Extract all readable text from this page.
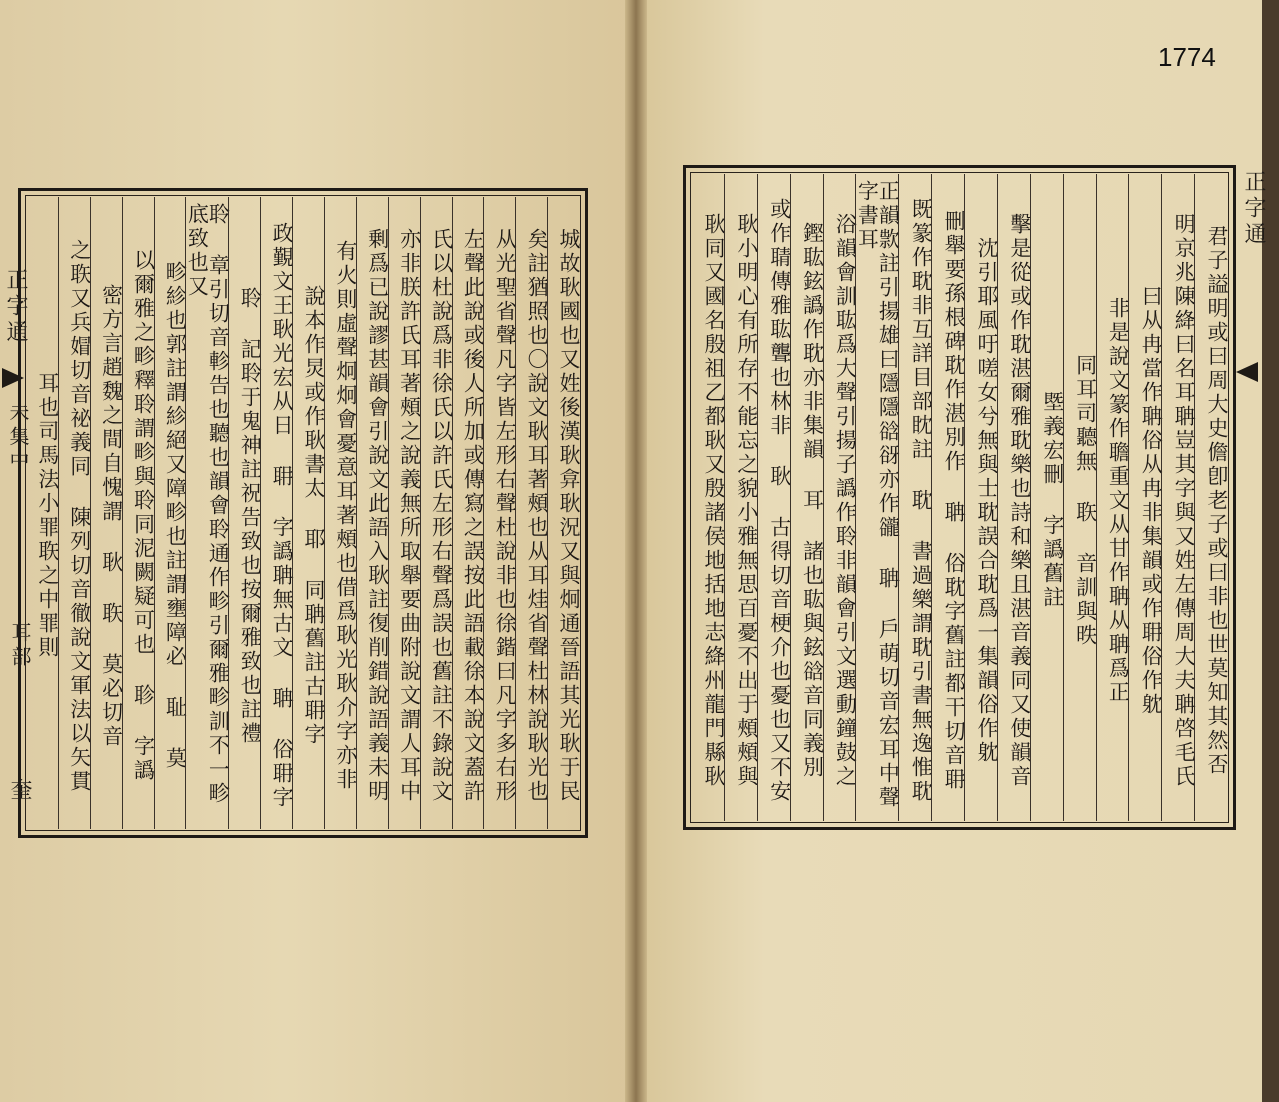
1774
正字通
未集中
耳部
奎	城故耿國也又姓後漢耿弇耿況又與炯通晉語其光耿于民
矣註猶照也〇說文耿耳著頰也从耳烓省聲杜林說耿光也
从光聖省聲凡字皆左形右聲杜說非也徐鍇曰凡字多右形
左聲此說或後人所加或傳寫之誤按此語載徐本說文蓋許
氏以杜說爲非徐氏以許氏左形右聲爲誤也舊註不錄說文
亦非朕許氏耳著頰之說義無所取舉要曲附說文謂人耳中
剰爲已說謬甚韻會引說文此語入耿註復削錯說語義未明
有火則虛聲炯炯會憂意耳著頰也借爲耿光耿介字亦非
說本作炅或作耿書太 耶 同聃舊註古耼字
政覲文王耿光宏从日 耼 字譌聃無古文 聃 俗耼字
聆 記聆于鬼神註祝告致也按爾雅致也註禮
聆 章引切音軫告也聽也韻會聆通作畛引爾雅畛訓不一畛底致也又
畛紾也郭註謂紾絕又障畛也註謂壅障必 耻 莫
以爾雅之畛釋聆謂畛與聆同泥闕疑可也 聄 字譌
密方言趙魏之間自愧謂 耿 聅 莫必切音
之聅又兵媢切音祕義同 陳列切音徹說文軍法以矢貫
耳也司馬法小罪聅之中罪則	君子謚明或曰周大史儋卽老子或曰非也世莫知其然否
明京兆陳絳曰名耳聃豈其字與又姓左傳周大夫聃啓毛氏
曰从冉當作聃俗从冉非集韻或作耼俗作躭
非是說文篆作聸重文从甘作聃从聃爲正
同耳司聽無 聅 音訓與昳
塈義宏刪 字譌舊註
擊是從或作耽湛爾雅耽樂也詩和樂且湛音義同又使韻音
沈引耶風吁嗟女兮無與士耽誤合耽爲一集韻俗作躭
刪舉要孫根碑耽作湛別作 聃 俗耽字舊註都干切音耼
既篆作耽非互詳目部眈註 耽 書過樂謂耽引書無逸惟耽
正韻㱁註引揚雄曰隱隱谽谺亦作豅 聃 戶萌切音宏耳中聲字書耳
浴韻會訓耾爲大聲引揚子譌作聆非韻會引文選動鐘鼓之
鏗耾鉉譌作耽亦非集韻 耳 諸也耾與鉉谽音同義別
或作聙傳雅耾聾也林非 耿 古得切音梗介也憂也又不安
耿小明心有所存不能忘之貌小雅無思百憂不出于頰頰與
耿同又國名殷祖乙都耿又殷諸侯地括地志絳州龍門縣耿
正字通
